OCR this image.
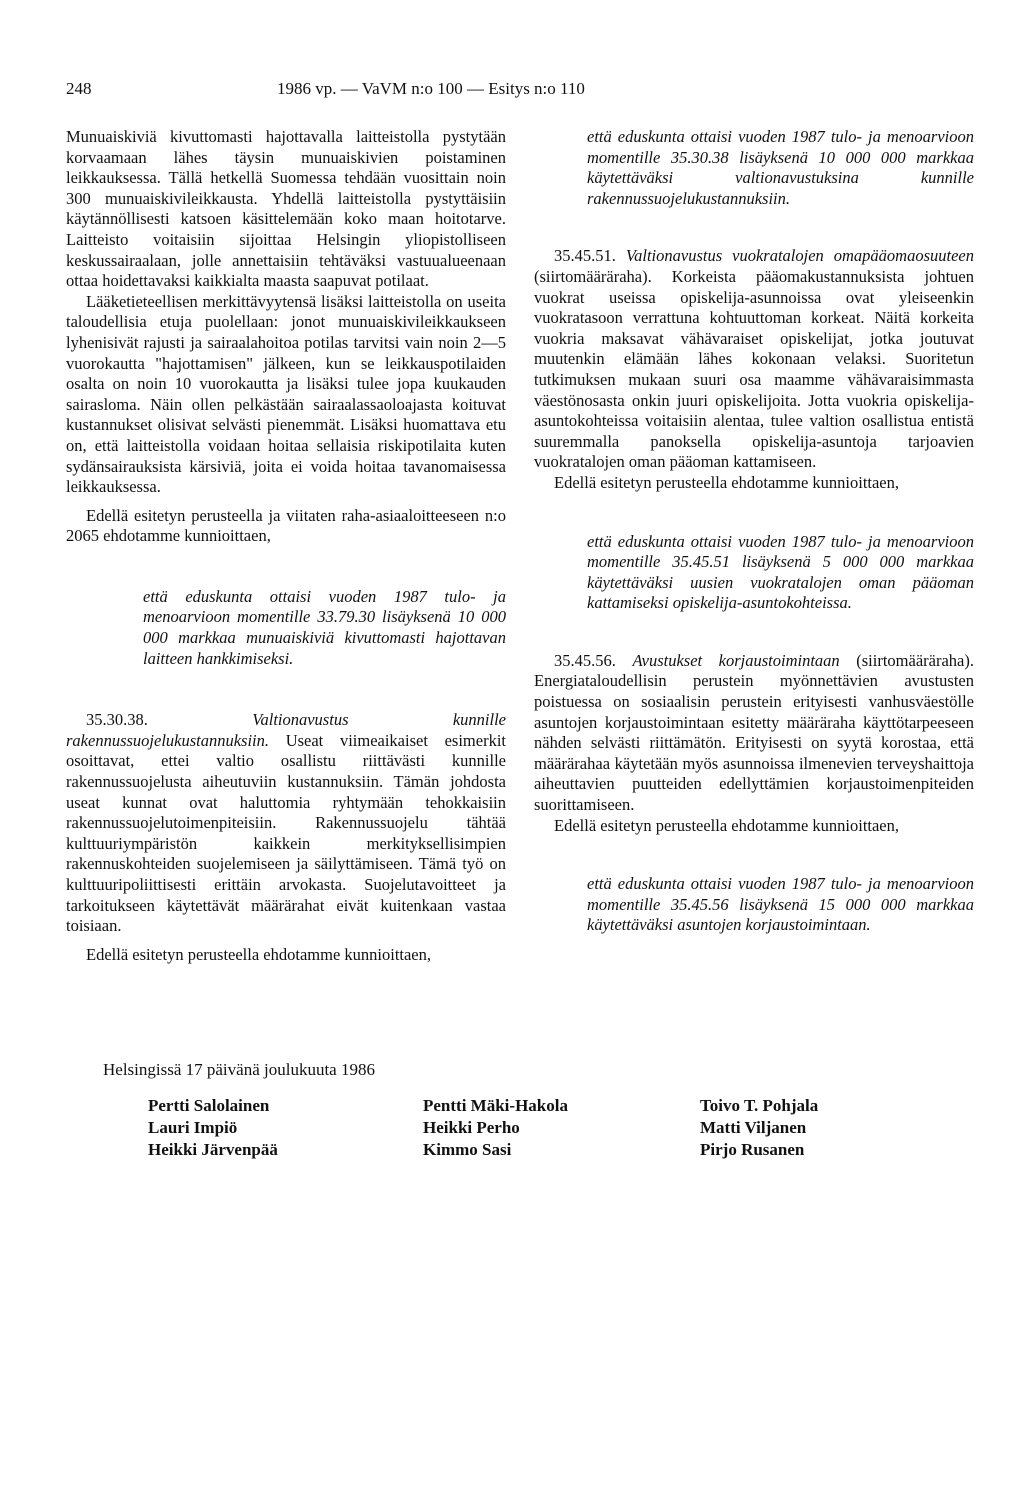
248	1986 vp. — VaVM n:o 100 — Esitys n:o 110

Munuaiskiviä kivuttomasti hajottavalla laitteistolla pystytään korvaamaan lähes täysin munuaiskivien poistaminen leikkauksessa. Tällä hetkellä Suomessa tehdään vuosittain noin 300 munuaiskivileikkausta. Yhdellä laitteistolla pystyttäisiin käytännöllisesti katsoen käsittelemään koko maan hoitotarve. Laitteisto voitaisiin sijoittaa Helsingin yliopistolliseen keskussairaalaan, jolle annettaisiin tehtäväksi vastuualueenaan ottaa hoidettavaksi kaikkialta maasta saapuvat potilaat.

Lääketieteellisen merkittävyytensä lisäksi laitteistolla on useita taloudellisia etuja puolellaan: jonot munuaiskivileikkaukseen lyhenisivät rajusti ja sairaalahoitoa potilas tarvitsi vain noin 2—5 vuorokautta "hajottamisen" jälkeen, kun se leikkauspotilaiden osalta on noin 10 vuorokautta ja lisäksi tulee jopa kuukauden sairasloma. Näin ollen pelkästään sairaalassaoloajasta koituvat kustannukset olisivat selvästi pienemmät. Lisäksi huomattava etu on, että laitteistolla voidaan hoitaa sellaisia riskipotilaita kuten sydänsairauksista kärsiviä, joita ei voida hoitaa tavanomaisessa leikkauksessa.

Edellä esitetyn perusteella ja viitaten raha-asiaaloitteeseen n:o 2065 ehdotamme kunnioittaen,

että eduskunta ottaisi vuoden 1987 tulo- ja menoarvioon momentille 33.79.30 lisäyksenä 10 000 000 markkaa munuaiskiviä kivuttomasti hajottavan laitteen hankkimiseksi.

35.30.38.	Valtionavustus kunnille rakennussuojelukustannuksiin. Useat viimeaikaiset esimerkit osoittavat, ettei valtio osallistu riittävästi kunnille rakennussuojelusta aiheutuviin kustannuksiin. Tämän johdosta useat kunnat ovat haluttomia ryhtymään tehokkaisiin rakennussuojelutoimenpiteisiin. Rakennussuojelu tähtää kulttuuriympäristön kaikkein merkityksellisimpien rakennuskohteiden suojelemiseen ja säilyttämiseen. Tämä työ on kulttuuripoliittisesti erittäin arvokasta. Suojelutavoitteet ja tarkoitukseen käytettävät määrärahat eivät kuitenkaan vastaa toisiaan.

Edellä esitetyn perusteella ehdotamme kunnioittaen,

että eduskunta ottaisi vuoden 1987 tulo- ja menoarvioon momentille 35.30.38 lisäyksenä 10 000 000 markkaa käytettäväksi valtionavustuksina kunnille rakennussuojelukustannuksiin.

35.45.51. Valtionavustus vuokratalojen omapääomaosuuteen (siirtomääräraha). Korkeista pääomakustannuksista johtuen vuokrat useissa opiskelija-asunnoissa ovat yleiseenkin vuokratasoon verrattuna kohtuuttoman korkeat. Näitä korkeita vuokria maksavat vähävaraiset opiskelijat, jotka joutuvat muutenkin elämään lähes kokonaan velaksi. Suoritetun tutkimuksen mukaan suuri osa maamme vähävaraisimmasta väestönosasta onkin juuri opiskelijoita. Jotta vuokria opiskelija-asuntokohteissa voitaisiin alentaa, tulee valtion osallistua entistä suuremmalla panoksella opiskelija-asuntoja tarjoavien vuokratalojen oman pääoman kattamiseen.

Edellä esitetyn perusteella ehdotamme kunnioittaen,

että eduskunta ottaisi vuoden 1987 tulo- ja menoarvioon momentille 35.45.51 lisäyksenä 5 000 000 markkaa käytettäväksi uusien vuokratalojen oman pääoman kattamiseksi opiskelija-asuntokohteissa.

35.45.56. Avustukset korjaustoimintaan (siirtomääräraha). Energiataloudellisin perustein myönnettävien avustusten poistuessa on sosiaalisin perustein erityisesti vanhusväestölle asuntojen korjaustoimintaan esitetty määräraha käyttötarpeeseen nähden selvästi riittämätön. Erityisesti on syytä korostaa, että määrärahaa käytetään myös asunnoissa ilmenevien terveyshaittoja aiheuttavien puutteiden edellyttämien korjaustoimenpiteiden suorittamiseen.

Edellä esitetyn perusteella ehdotamme kunnioittaen,

että eduskunta ottaisi vuoden 1987 tulo- ja menoarvioon momentille 35.45.56 lisäyksenä 15 000 000 markkaa käytettäväksi asuntojen korjaustoimintaan.

Helsingissä 17 päivänä joulukuuta 1986
Pertti Salolainen
Lauri Impiö
Heikki Järvenpää
Pentti Mäki-Hakola
Heikki Perho
Kimmo Sasi
Toivo T. Pohjala
Matti Viljanen
Pirjo Rusanen
